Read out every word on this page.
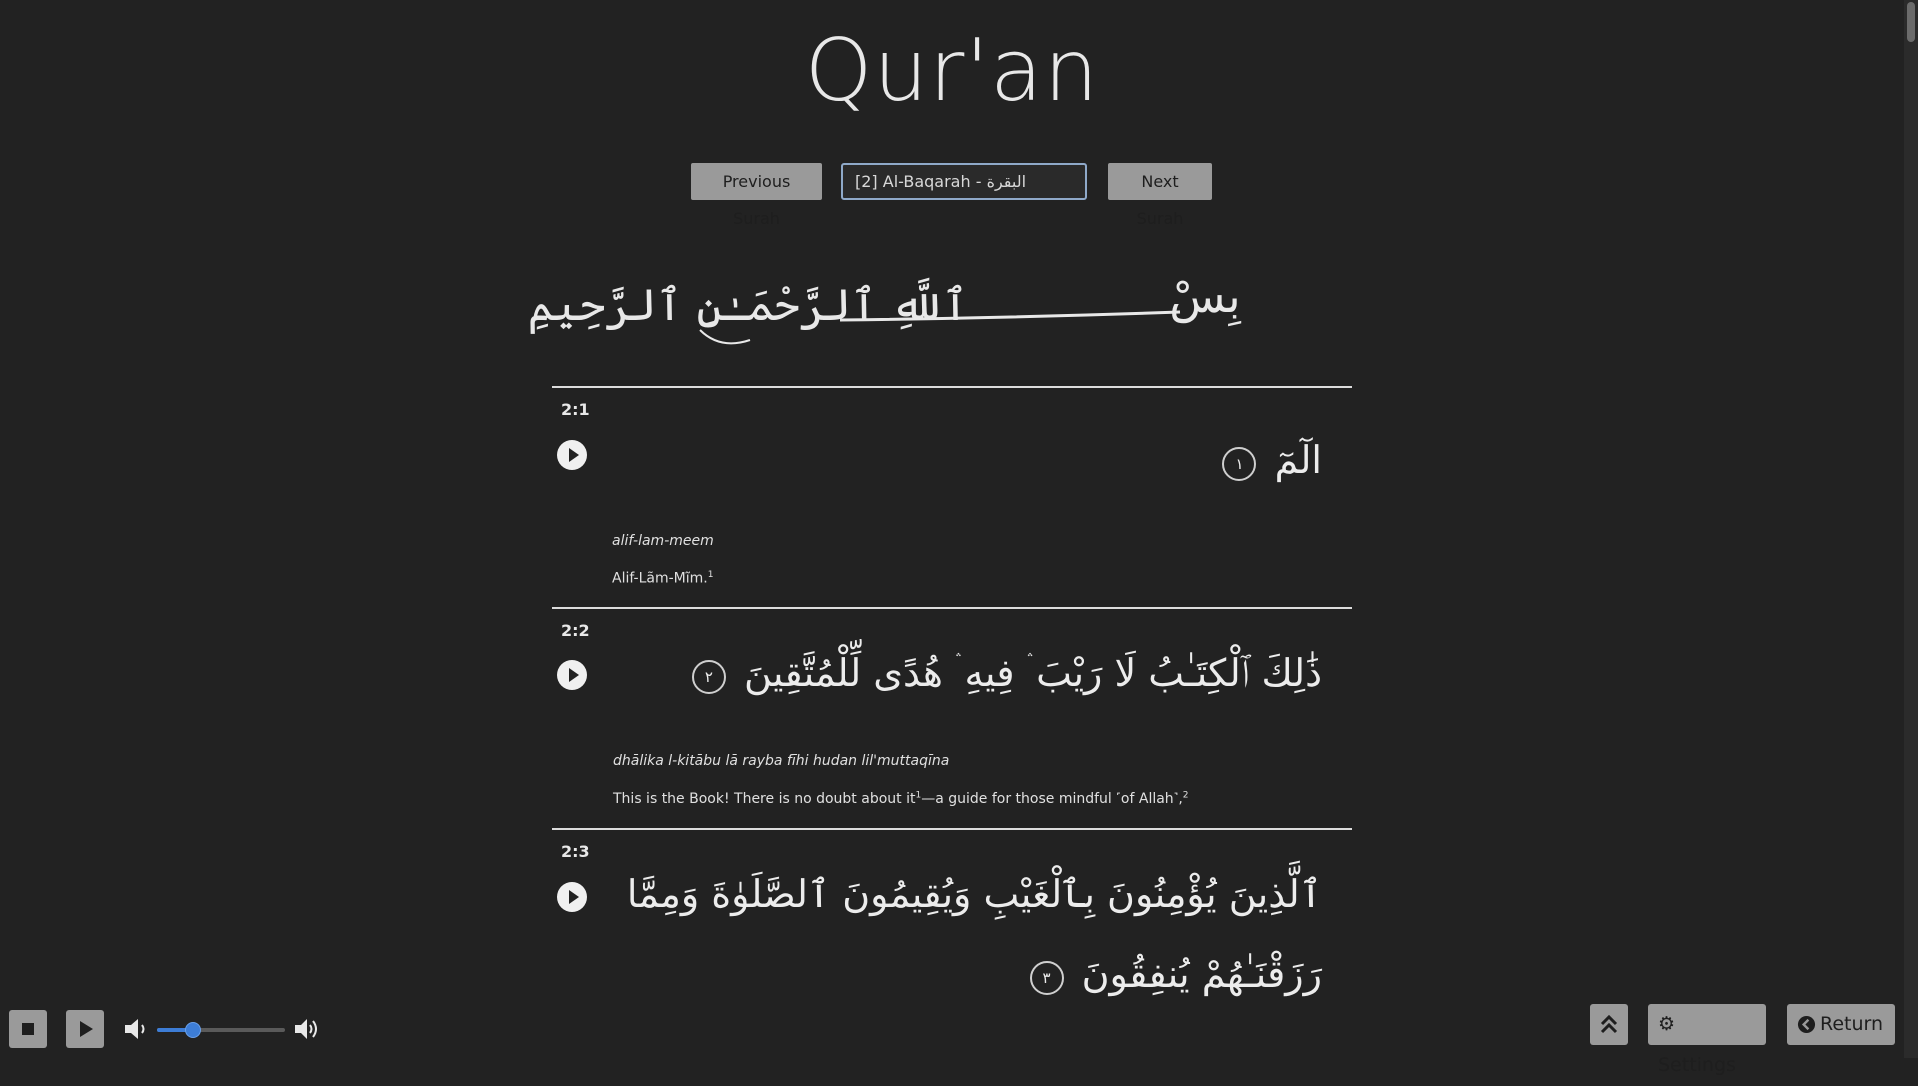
Qur'an
Previous Surah
[2] Al-Baqarah - البقرة	Next Surah
بِسْ
ٱللَّهِ ٱلرَّحْمَـٰنِ ٱلرَّحِيمِ
2:1
الٓمٓ ١
alif-lam-meem
Alif-Lãm-Mĩm.$^1$
2:2
ذَٰلِكَ ٱلْكِتَـٰبُ لَا رَيْبَ ۛ فِيهِ ۛ هُدًى لِّلْمُتَّقِينَ ٢
dhālika l-kitābu lā rayba fīhi hudan lil'muttaqīna
This is the Book! There is no doubt about $it^1—a$ guide for those mindful ˹of Allah˺,$^2$
2:3
ٱلَّذِينَ يُؤْمِنُونَ بِٱلْغَيْبِ وَيُقِيمُونَ ٱلصَّلَوٰةَ وَمِمَّا
رَزَقْنَـٰهُمْ يُنفِقُونَ ٣
⚙Settings
Return
